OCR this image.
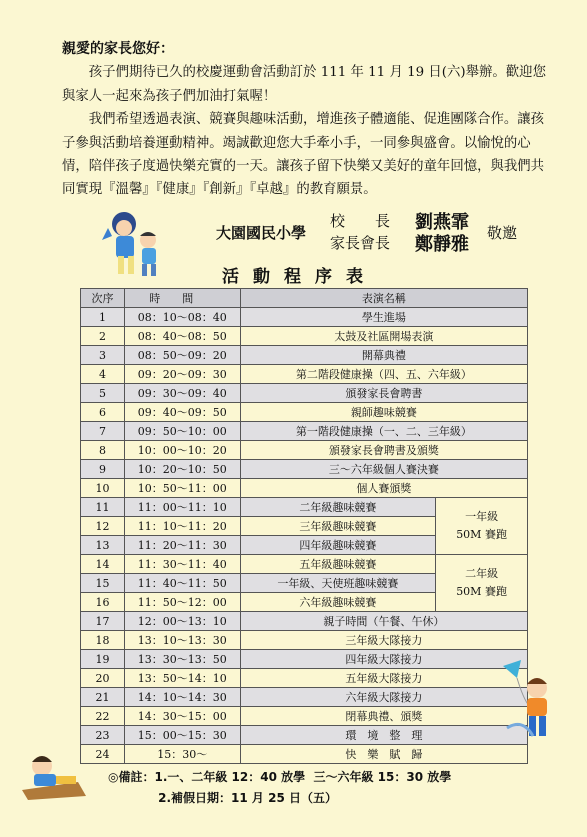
親愛的家長您好：

孩子們期待已久的校慶運動會活動訂於 111 年 11 月 19 日(六)舉辦。歡迎您與家人一起來為孩子們加油打氣喔！

我們希望透過表演、競賽與趣味活動，增進孩子體適能、促進團隊合作。讓孩子參與活動培養運動精神。竭誠歡迎您大手牽小手，一同參與盛會。以愉悅的心情，陪伴孩子度過快樂充實的一天。讓孩子留下快樂又美好的童年回憶，與我們共同實現『溫馨』『健康』『創新』『卓越』的教育願景。

大園國民小學
校　　長 劉燕霏
家長會長 鄭靜雅
敬邀
活動程序表
次序	時間	表演名稱	
1	08：10～08：40	學生進場	
2	08：40～08：50	太鼓及社區開場表演	
3	08：50～09：20	開幕典禮	
4	09：20～09：30	第二階段健康操（四、五、六年級）	
5	09：30～09：40	頒發家長會聘書	
6	09：40～09：50	親師趣味競賽	
7	09：50～10：00	第一階段健康操（一、二、三年級）	
8	10：00～10：20	頒發家長會聘書及頒獎	
9	10：20～10：50	三～六年級個人賽決賽	
10	10：50～11：00	個人賽頒獎	
11	11：00～11：10	二年級趣味競賽	一年級
50M 賽跑
12	11：10～11：20	三年級趣味競賽	
13	11：20～11：30	四年級趣味競賽	
14	11：30～11：40	五年級趣味競賽	二年級
50M 賽跑
15	11：40～11：50	一年級、天使班趣味競賽	
16	11：50～12：00	六年級趣味競賽	
17	12：00～13：10	親子時間（午餐、午休）	
18	13：10～13：30	三年級大隊接力	
19	13：30～13：50	四年級大隊接力	
20	13：50～14：10	五年級大隊接力	
21	14：10～14：30	六年級大隊接力	
22	14：30～15：00	閉幕典禮、頒獎	
23	15：00～15：30	環　境　整　理	
24	15：30～	快　樂　賦　歸	
◎備註：1.一、二年級 12：40 放學  三～六年級 15：30 放學
2.補假日期：11 月 25 日（五）
